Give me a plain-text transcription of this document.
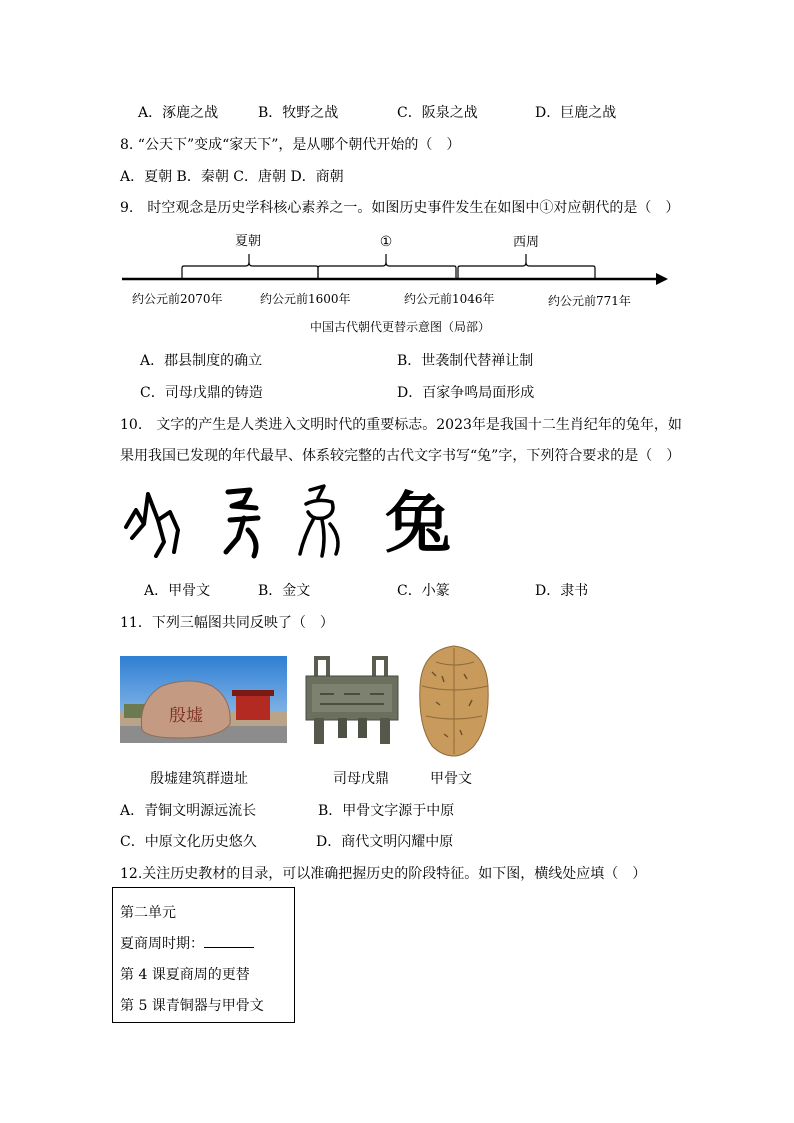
A．涿鹿之战	B．牧野之战	C．阪泉之战	D．巨鹿之战
8. “公天下”变成“家天下”，是从哪个朝代开始的（　）
A．夏朝 B．秦朝 C．唐朝 D．商朝
9.　时空观念是历史学科核心素养之一。如图历史事件发生在如图中①对应朝代的是（　）
夏朝	①	西周
约公元前2070年	约公元前1600年	约公元前1046年	约公元前771年
中国古代朝代更替示意图（局部）
A．郡县制度的确立	B．世袭制代替禅让制
C．司母戊鼎的铸造	D．百家争鸣局面形成
10.　文字的产生是人类进入文明时代的重要标志。2023年是我国十二生肖纪年的兔年，如
果用我国已发现的年代最早、体系较完整的古代文字书写“兔”字，下列符合要求的是（　）
兔
A．甲骨文	B．金文	C．小篆	D．隶书
11．下列三幅图共同反映了（　）
殷墟
殷墟建筑群遗址	司母戊鼎	甲骨文
A．青铜文明源远流长	B．甲骨文字源于中原
C．中原文化历史悠久	D．商代文明闪耀中原
12.关注历史教材的目录，可以准确把握历史的阶段特征。如下图，横线处应填（　）
第二单元
夏商周时期：
第 4 课夏商周的更替
第 5 课青铜器与甲骨文
